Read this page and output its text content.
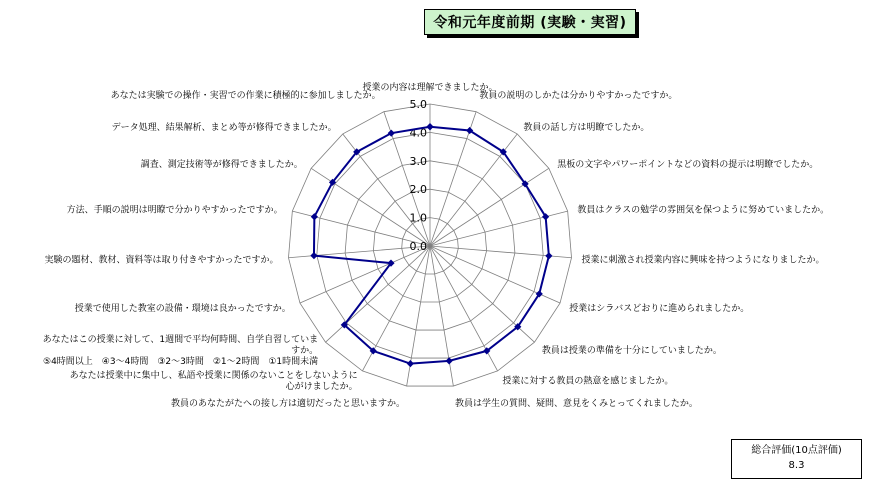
令和元年度前期 (実験・実習)
0.0
1.0
2.0
3.0
4.0
5.0
授業の内容は理解できましたか。
教員の説明のしかたは分かりやすかったですか。
教員の話し方は明瞭でしたか。
黒板の文字やパワーポイントなどの資料の提示は明瞭でしたか。
教員はクラスの勉学の雰囲気を保つように努めていましたか。
授業に刺激され授業内容に興味を持つようになりましたか。
授業はシラバスどおりに進められましたか。
教員は授業の準備を十分にしていましたか。
授業に対する教員の熱意を感じましたか。
教員は学生の質問、疑問、意見をくみとってくれましたか。
教員のあなたがたへの接し方は適切だったと思いますか。
あなたは授業中に集中し、私語や授業に関係のないことをしないように心がけましたか。
あなたはこの授業に対して、1週間で平均何時間、自学自習していますか。 ⑤4時間以上　④3～4時間　③2～3時間　②1～2時間　①1時間未満
授業で使用した教室の設備・環境は良かったですか。
実験の題材、教材、資料等は取り付きやすかったですか。
方法、手順の説明は明瞭で分かりやすかったですか。
調査、測定技術等が修得できましたか。
データ処理、結果解析、まとめ等が修得できましたか。
あなたは実験での操作・実習での作業に積極的に参加しましたか。
総合評価(10点評価)
8.3
